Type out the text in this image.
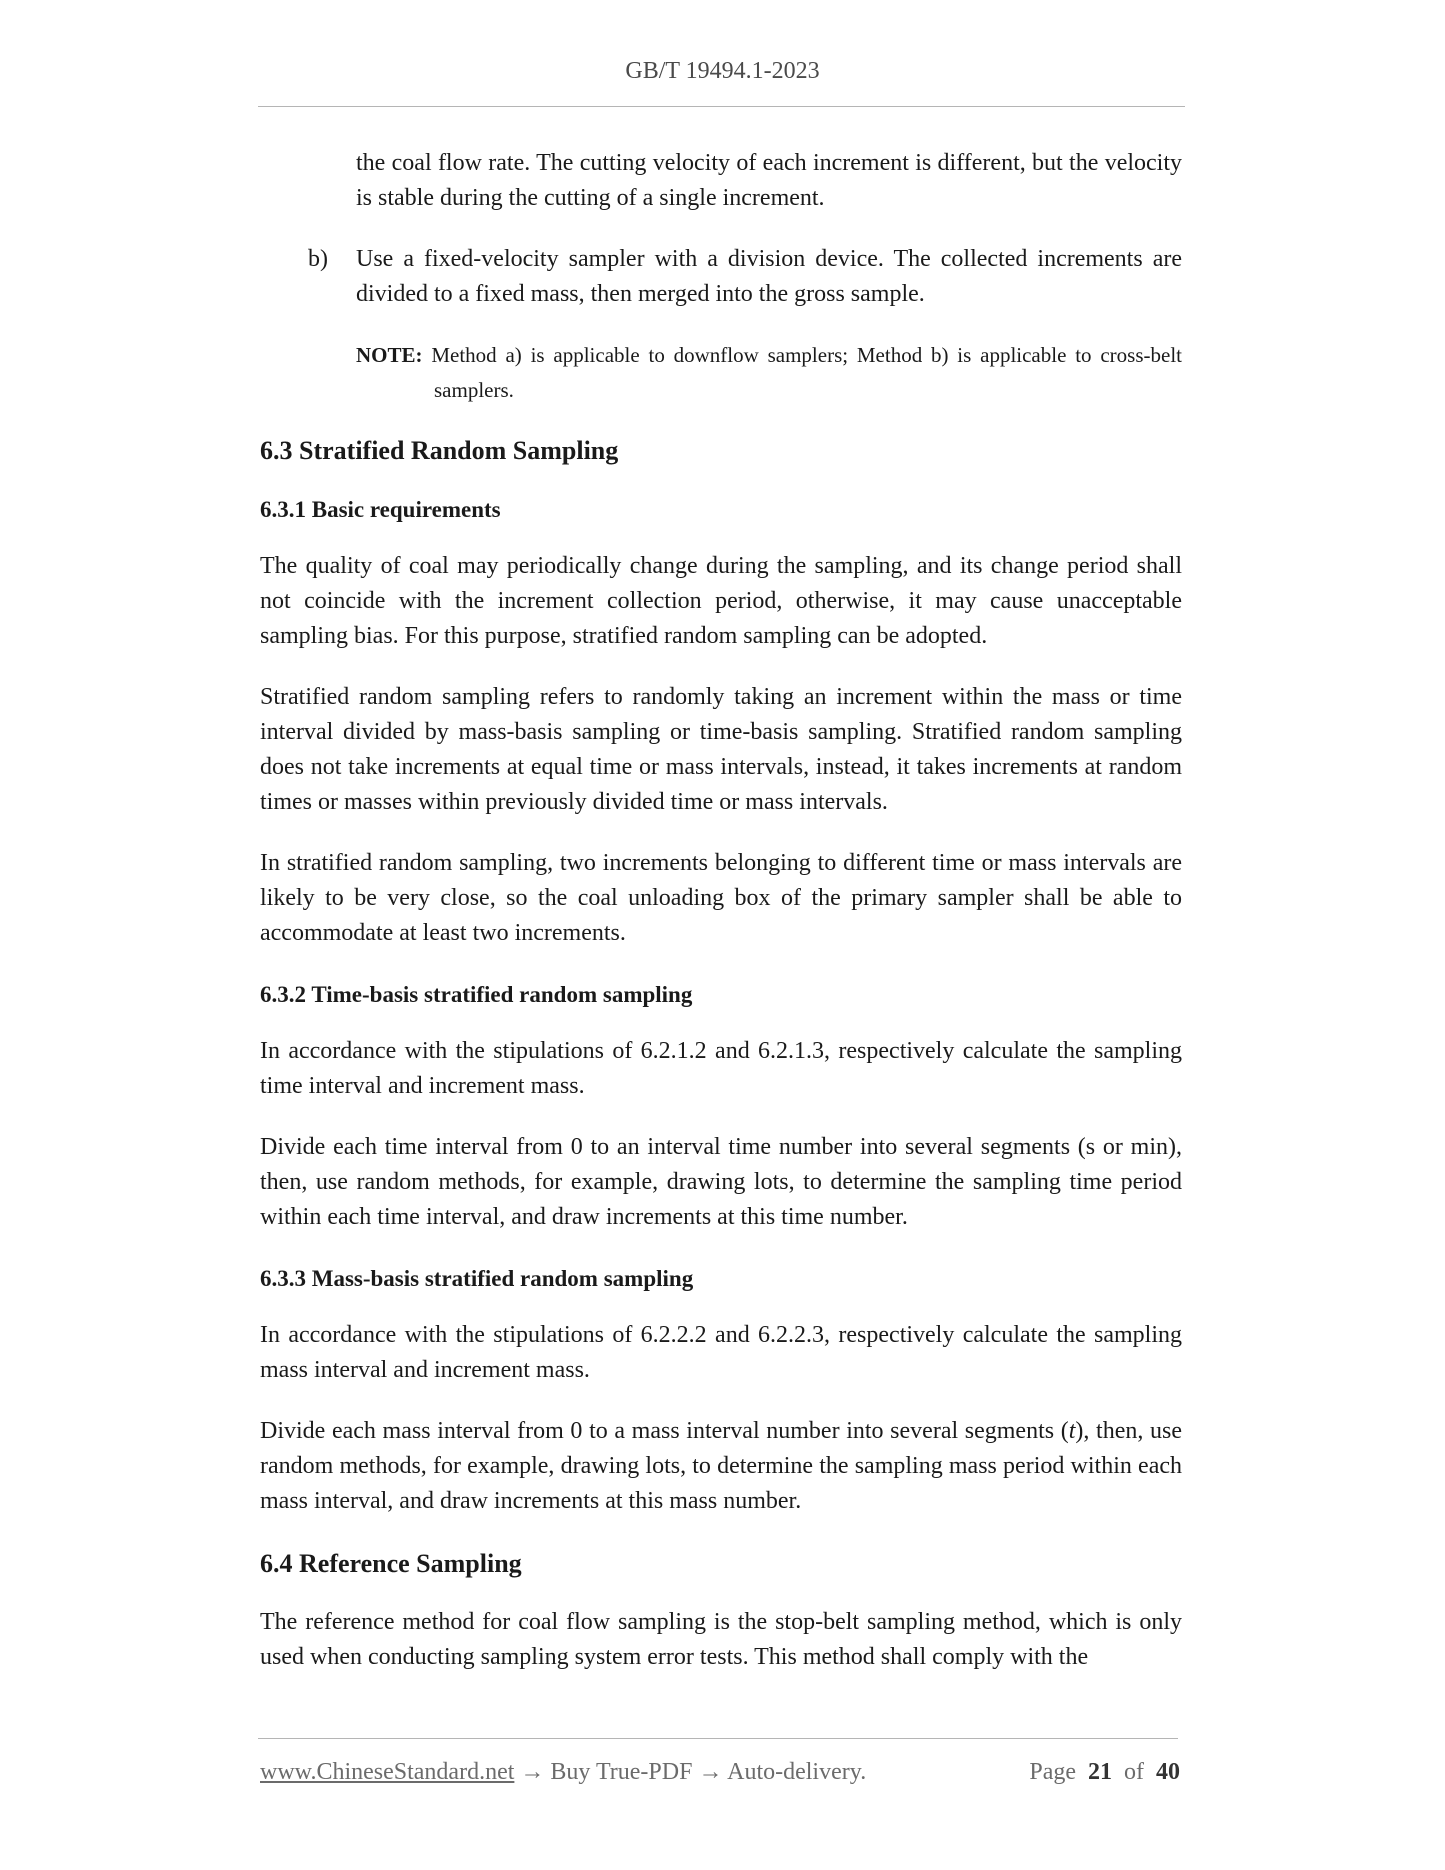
GB/T 19494.1-2023

the coal flow rate. The cutting velocity of each increment is different, but the velocity is stable during the cutting of a single increment.

b) Use a fixed-velocity sampler with a division device. The collected increments are divided to a fixed mass, then merged into the gross sample.
NOTE: Method a) is applicable to downflow samplers; Method b) is applicable to cross-belt samplers.
6.3 Stratified Random Sampling
6.3.1 Basic requirements

The quality of coal may periodically change during the sampling, and its change period shall not coincide with the increment collection period, otherwise, it may cause unacceptable sampling bias. For this purpose, stratified random sampling can be adopted.

Stratified random sampling refers to randomly taking an increment within the mass or time interval divided by mass-basis sampling or time-basis sampling. Stratified random sampling does not take increments at equal time or mass intervals, instead, it takes increments at random times or masses within previously divided time or mass intervals.

In stratified random sampling, two increments belonging to different time or mass intervals are likely to be very close, so the coal unloading box of the primary sampler shall be able to accommodate at least two increments.

6.3.2 Time-basis stratified random sampling

In accordance with the stipulations of 6.2.1.2 and 6.2.1.3, respectively calculate the sampling time interval and increment mass.

Divide each time interval from 0 to an interval time number into several segments (s or min), then, use random methods, for example, drawing lots, to determine the sampling time period within each time interval, and draw increments at this time number.

6.3.3 Mass-basis stratified random sampling

In accordance with the stipulations of 6.2.2.2 and 6.2.2.3, respectively calculate the sampling mass interval and increment mass.

Divide each mass interval from 0 to a mass interval number into several segments (t), then, use random methods, for example, drawing lots, to determine the sampling mass period within each mass interval, and draw increments at this mass number.

6.4 Reference Sampling

The reference method for coal flow sampling is the stop-belt sampling method, which is only used when conducting sampling system error tests. This method shall comply with the

www.ChineseStandard.net → Buy True-PDF → Auto-delivery.	Page 21 of 40
